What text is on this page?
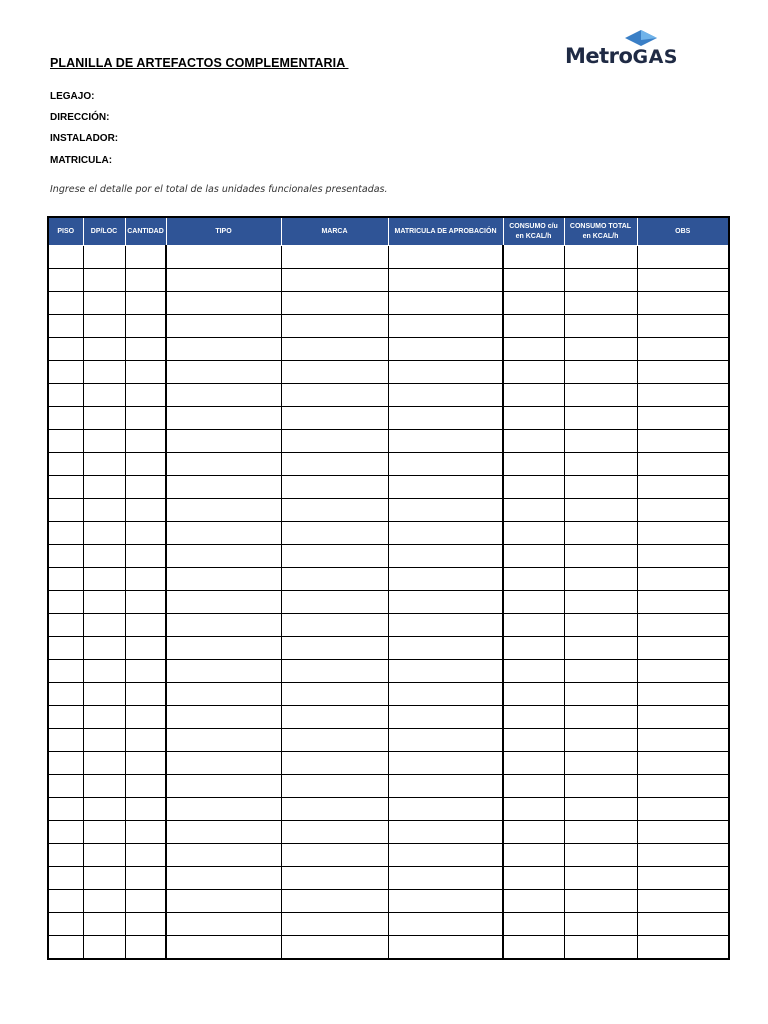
PLANILLA DE ARTEFACTOS COMPLEMENTARIA	MetroGAS
LEGAJO:
DIRECCIÓN:
INSTALADOR:
MATRICULA:
Ingrese el detalle por el total de las unidades funcionales presentadas.
PISO	DP/LOC	CANTIDAD	TIPO	MARCA	MATRICULA DE APROBACIÓN	CONSUMO c/u en KCAL/h	CONSUMO TOTAL en KCAL/h	OBS
